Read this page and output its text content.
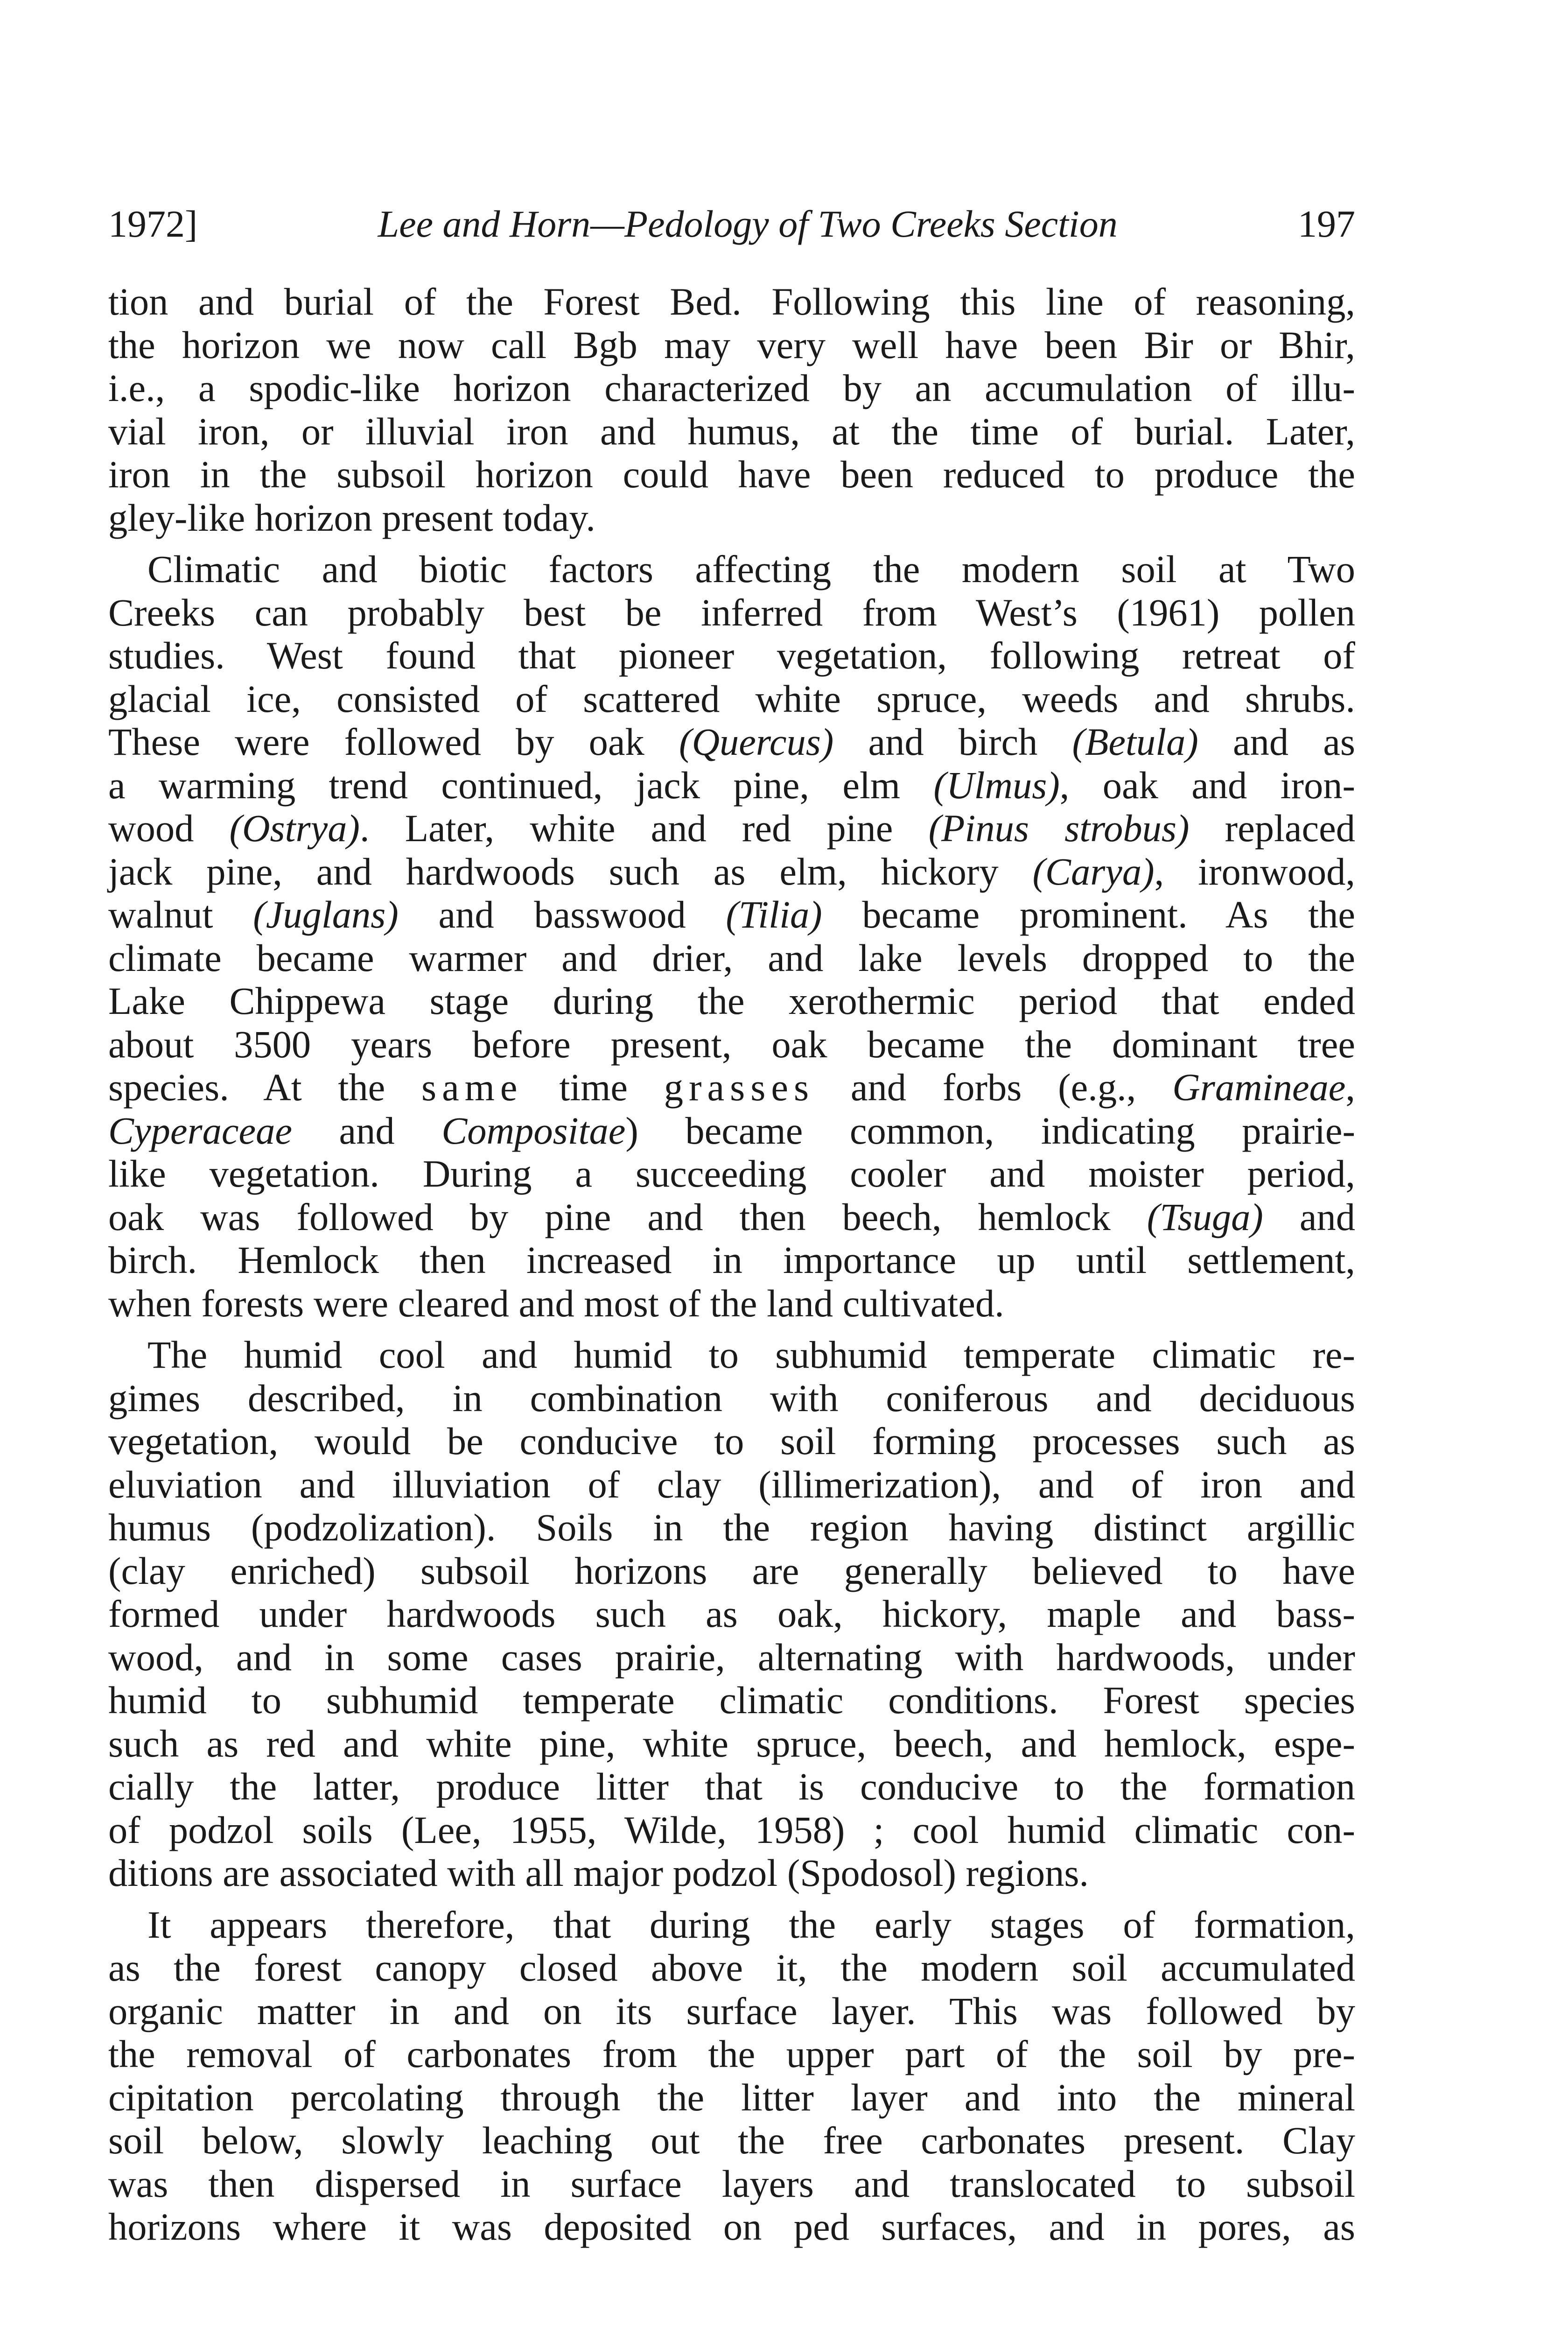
1972]	Lee and Horn—Pedology of Two Creeks Section	197
tion and burial of the Forest Bed. Following this line of reasoning,
the horizon we now call Bgb may very well have been Bir or Bhir,
i.e., a spodic-like horizon characterized by an accumulation of illu-
vial iron, or illuvial iron and humus, at the time of burial. Later,
iron in the subsoil horizon could have been reduced to produce the
gley-like horizon present today.
Climatic and biotic factors affecting the modern soil at Two
Creeks can probably best be inferred from West’s (1961) pollen
studies. West found that pioneer vegetation, following retreat of
glacial ice, consisted of scattered white spruce, weeds and shrubs.
These were followed by oak (Quercus) and birch (Betula) and as
a warming trend continued, jack pine, elm (Ulmus), oak and iron-
wood (Ostrya). Later, white and red pine (Pinus strobus) replaced
jack pine, and hardwoods such as elm, hickory (Carya), ironwood,
walnut (Juglans) and basswood (Tilia) became prominent. As the
climate became warmer and drier, and lake levels dropped to the
Lake Chippewa stage during the xerothermic period that ended
about 3500 years before present, oak became the dominant tree
species. At the same time grasses and forbs (e.g., Gramineae,
Cyperaceae and Compositae) became common, indicating prairie-
like vegetation. During a succeeding cooler and moister period,
oak was followed by pine and then beech, hemlock (Tsuga) and
birch. Hemlock then increased in importance up until settlement,
when forests were cleared and most of the land cultivated.
The humid cool and humid to subhumid temperate climatic re-
gimes described, in combination with coniferous and deciduous
vegetation, would be conducive to soil forming processes such as
eluviation and illuviation of clay (illimerization), and of iron and
humus (podzolization). Soils in the region having distinct argillic
(clay enriched) subsoil horizons are generally believed to have
formed under hardwoods such as oak, hickory, maple and bass-
wood, and in some cases prairie, alternating with hardwoods, under
humid to subhumid temperate climatic conditions. Forest species
such as red and white pine, white spruce, beech, and hemlock, espe-
cially the latter, produce litter that is conducive to the formation
of podzol soils (Lee, 1955, Wilde, 1958) ; cool humid climatic con-
ditions are associated with all major podzol (Spodosol) regions.
It appears therefore, that during the early stages of formation,
as the forest canopy closed above it, the modern soil accumulated
organic matter in and on its surface layer. This was followed by
the removal of carbonates from the upper part of the soil by pre-
cipitation percolating through the litter layer and into the mineral
soil below, slowly leaching out the free carbonates present. Clay
was then dispersed in surface layers and translocated to subsoil
horizons where it was deposited on ped surfaces, and in pores, as
